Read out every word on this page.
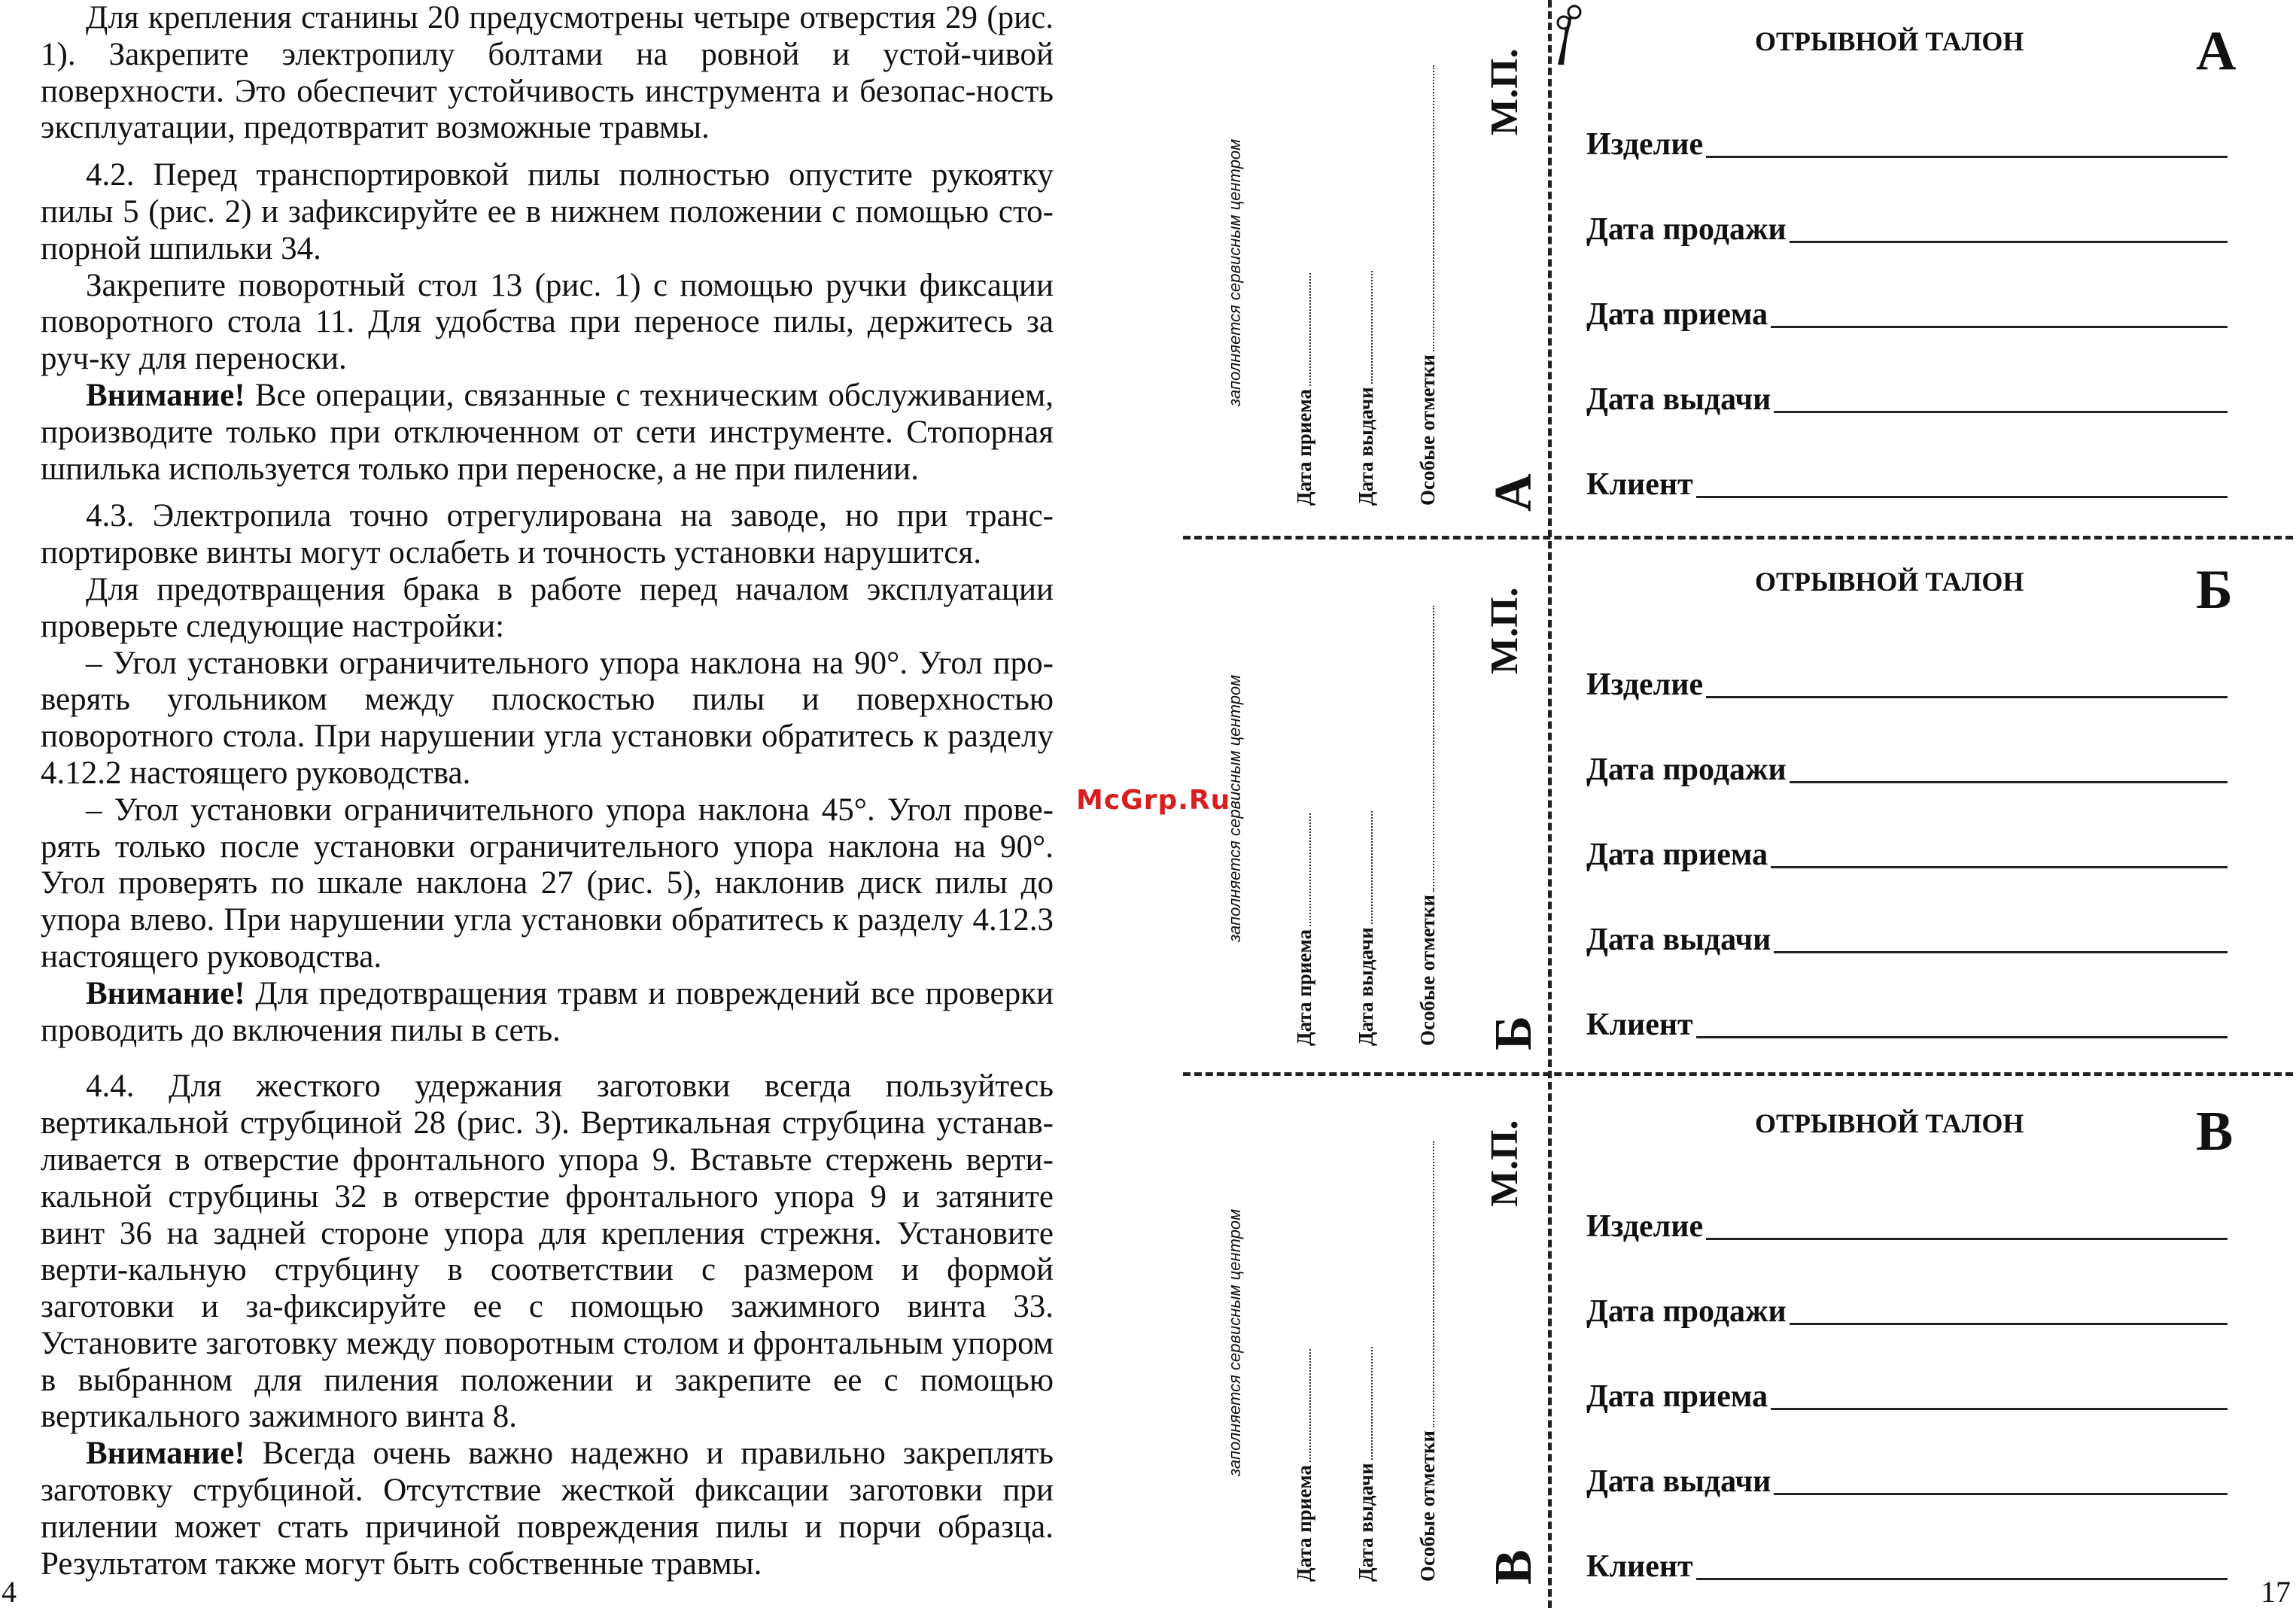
Для крепления станины 20 предусмотрены четыре отверстия 29 (рис. 1). Закрепите электропилу болтами на ровной и устой-чивой поверхности. Это обеспечит устойчивость инструмента и безопас-ность эксплуатации, предотвратит возможные травмы.

4.2. Перед транспортировкой пилы полностью опустите рукоятку пилы 5 (рис. 2) и зафиксируйте ее в нижнем положении с помощью сто-порной шпильки 34.

Закрепите поворотный стол 13 (рис. 1) с помощью ручки фиксации поворотного стола 11. Для удобства при переносе пилы, держитесь за руч-ку для переноски.

Внимание! Все операции, связанные с техническим обслуживанием, производите только при отключенном от сети инструменте. Стопорная шпилька используется только при переноске, а не при пилении.

4.3. Электропила точно отрегулирована на заводе, но при транс-портировке винты могут ослабеть и точность установки нарушится.

Для предотвращения брака в работе перед началом эксплуатации проверьте следующие настройки:

– Угол установки ограничительного упора наклона на 90°. Угол про-верять угольником между плоскостью пилы и поверхностью поворотного стола. При нарушении угла установки обратитесь к разделу 4.12.2 настоящего руководства.

– Угол установки ограничительного упора наклона 45°. Угол прове-рять только после установки ограничительного упора наклона на 90°. Угол проверять по шкале наклона 27 (рис. 5), наклонив диск пилы до упора влево. При нарушении угла установки обратитесь к разделу 4.12.3 настоящего руководства.

Внимание! Для предотвращения травм и повреждений все проверки проводить до включения пилы в сеть.

4.4. Для жесткого удержания заготовки всегда пользуйтесь вертикальной струбциной 28 (рис. 3). Вертикальная струбцина устанав-ливается в отверстие фронтального упора 9. Вставьте стержень верти-кальной струбцины 32 в отверстие фронтального упора 9 и затяните винт 36 на задней стороне упора для крепления стрежня. Установите верти-кальную струбцину в соответствии с размером и формой заготовки и за-фиксируйте ее с помощью зажимного винта 33. Установите заготовку между поворотным столом и фронтальным упором в выбранном для пиления положении и закрепите ее с помощью вертикального зажимного винта 8.

Внимание! Всегда очень важно надежно и правильно закреплять заготовку струбциной. Отсутствие жесткой фиксации заготовки при пилении может стать причиной повреждения пилы и порчи образца. Результатом также могут быть собственные травмы.

4
McGrp.Ru
заполняется сервисным центром
Дата приема Дата выдачи Особые отметки
М.П.
А
ОТРЫВНОЙ ТАЛОН	А
Изделие
Дата продажи
Дата приема
Дата выдачи
Клиент
заполняется сервисным центром
Дата приема Дата выдачи Особые отметки
М.П.
Б
ОТРЫВНОЙ ТАЛОН	Б
Изделие
Дата продажи
Дата приема
Дата выдачи
Клиент
заполняется сервисным центром
Дата приема Дата выдачи Особые отметки
М.П.
В
ОТРЫВНОЙ ТАЛОН	В
Изделие
Дата продажи
Дата приема
Дата выдачи
Клиент
17
